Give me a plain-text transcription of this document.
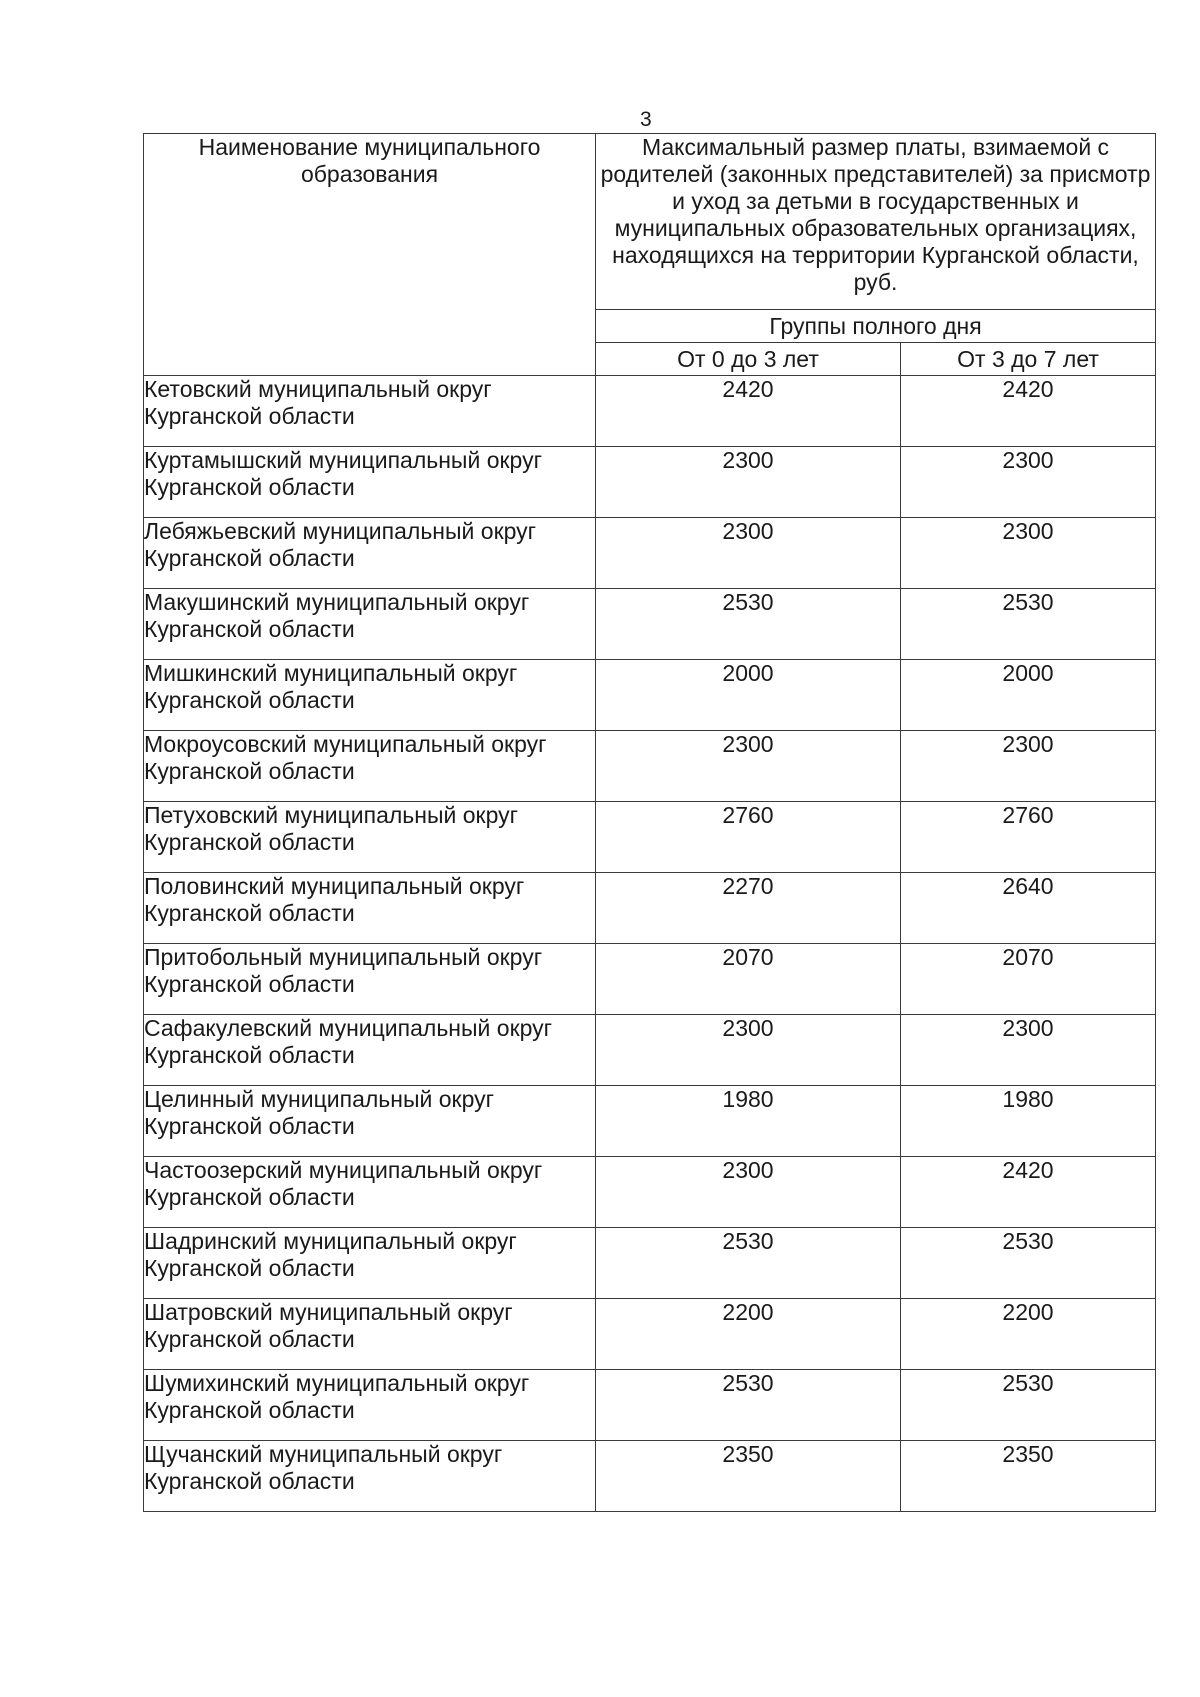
3
Наименование муниципального образования	Максимальный размер платы, взимаемой с родителей (законных представителей) за присмотр и уход за детьми в государственных и муниципальных образовательных организациях, находящихся на территории Курганской области, руб.	
	Группы полного дня	
	От 0 до 3 лет	От 3 до 7 лет
Кетовский муниципальный округ Курганской области	2420	2420
Куртамышский муниципальный округ Курганской области	2300	2300
Лебяжьевский муниципальный округ Курганской области	2300	2300
Макушинский муниципальный округ Курганской области	2530	2530
Мишкинский муниципальный округ Курганской области	2000	2000
Мокроусовский муниципальный округ Курганской области	2300	2300
Петуховский муниципальный округ Курганской области	2760	2760
Половинский муниципальный округ Курганской области	2270	2640
Притобольный муниципальный округ Курганской области	2070	2070
Сафакулевский муниципальный округ Курганской области	2300	2300
Целинный муниципальный округ Курганской области	1980	1980
Частоозерский муниципальный округ Курганской области	2300	2420
Шадринский муниципальный округ Курганской области	2530	2530
Шатровский муниципальный округ Курганской области	2200	2200
Шумихинский муниципальный округ Курганской области	2530	2530
Щучанский муниципальный округ Курганской области	2350	2350
